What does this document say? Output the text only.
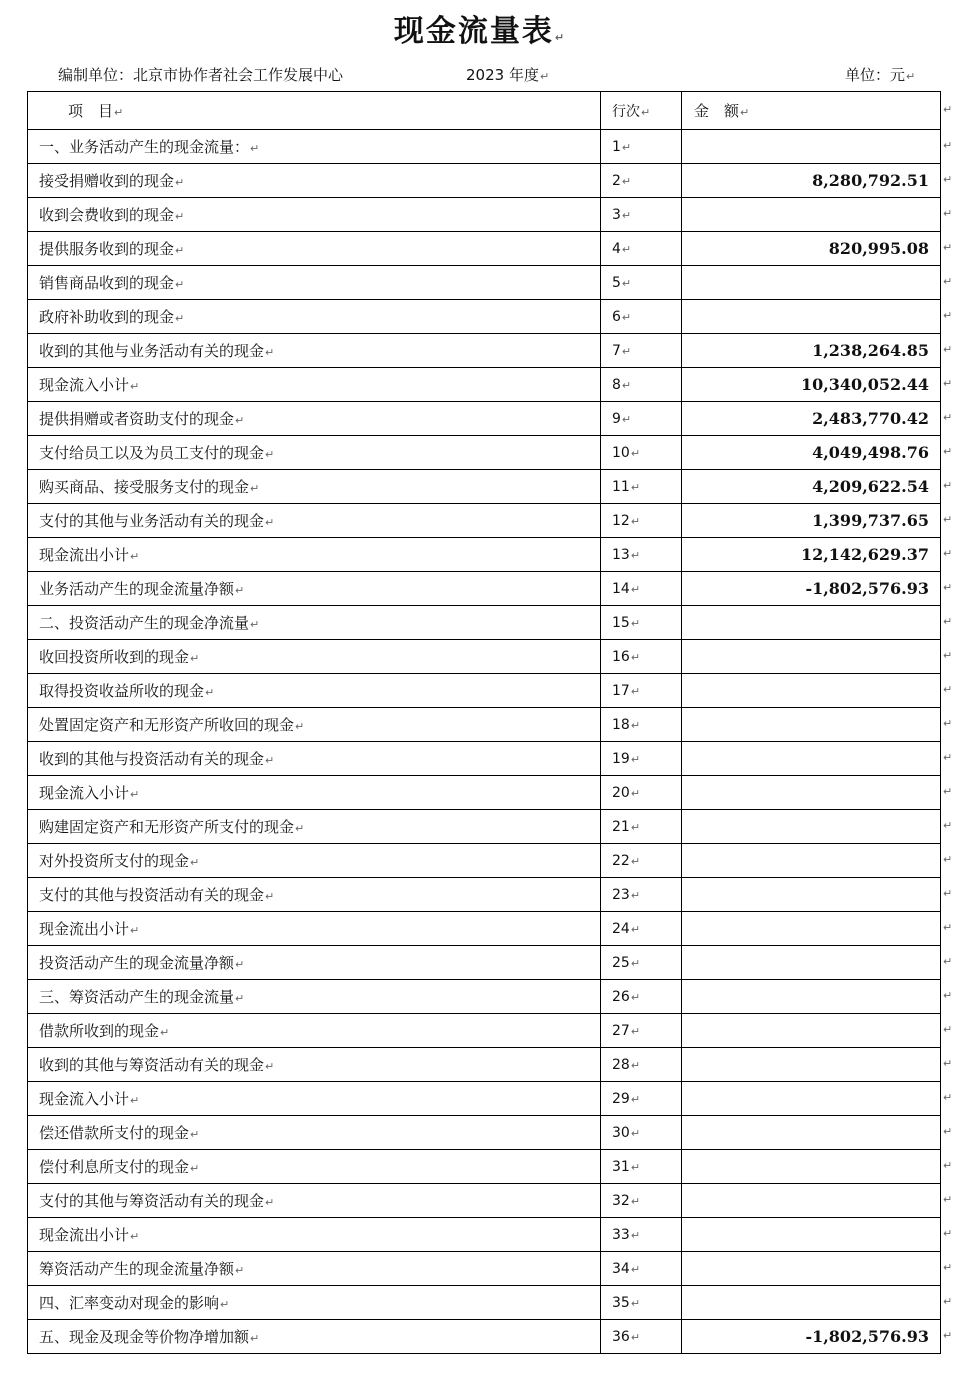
现金流量表↵
编制单位：北京市协作者社会工作发展中心	2023 年度↵	单位：元↵
项　目↵	行次↵	金　额↵
一、业务活动产生的现金流量：↵	1↵	
接受捐赠收到的现金↵	2↵	8,280,792.51
收到会费收到的现金↵	3↵	
提供服务收到的现金↵	4↵	820,995.08
销售商品收到的现金↵	5↵	
政府补助收到的现金↵	6↵	
收到的其他与业务活动有关的现金↵	7↵	1,238,264.85
现金流入小计↵	8↵	10,340,052.44
提供捐赠或者资助支付的现金↵	9↵	2,483,770.42
支付给员工以及为员工支付的现金↵	10↵	4,049,498.76
购买商品、接受服务支付的现金↵	11↵	4,209,622.54
支付的其他与业务活动有关的现金↵	12↵	1,399,737.65
现金流出小计↵	13↵	12,142,629.37
业务活动产生的现金流量净额↵	14↵	-1,802,576.93
二、投资活动产生的现金净流量↵	15↵	
收回投资所收到的现金↵	16↵	
取得投资收益所收的现金↵	17↵	
处置固定资产和无形资产所收回的现金↵	18↵	
收到的其他与投资活动有关的现金↵	19↵	
现金流入小计↵	20↵	
购建固定资产和无形资产所支付的现金↵	21↵	
对外投资所支付的现金↵	22↵	
支付的其他与投资活动有关的现金↵	23↵	
现金流出小计↵	24↵	
投资活动产生的现金流量净额↵	25↵	
三、筹资活动产生的现金流量↵	26↵	
借款所收到的现金↵	27↵	
收到的其他与筹资活动有关的现金↵	28↵	
现金流入小计↵	29↵	
偿还借款所支付的现金↵	30↵	
偿付利息所支付的现金↵	31↵	
支付的其他与筹资活动有关的现金↵	32↵	
现金流出小计↵	33↵	
筹资活动产生的现金流量净额↵	34↵	
四、汇率变动对现金的影响↵	35↵	
五、现金及现金等价物净增加额↵	36↵	-1,802,576.93
↵
↵
↵
↵
↵
↵
↵
↵
↵
↵
↵
↵
↵
↵
↵
↵
↵
↵
↵
↵
↵
↵
↵
↵
↵
↵
↵
↵
↵
↵
↵
↵
↵
↵
↵
↵
↵
